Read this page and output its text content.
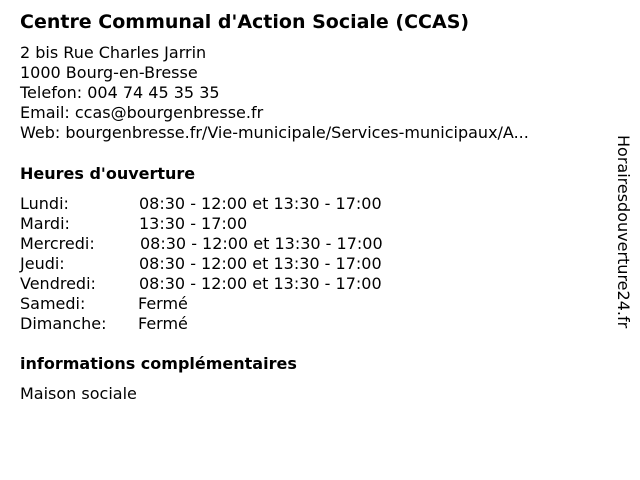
Centre Communal d'Action Sociale (CCAS)
2 bis Rue Charles Jarrin
1000 Bourg-en-Bresse
Telefon: 004 74 45 35 35
Email: ccas@bourgenbresse.fr
Web: bourgenbresse.fr/Vie-municipale/Services-municipaux/A...
Heures d'ouverture
Lundi:	08:30 - 12:00 et 13:30 - 17:00
Mardi:	13:30 - 17:00
Mercredi:	08:30 - 12:00 et 13:30 - 17:00
Jeudi:	08:30 - 12:00 et 13:30 - 17:00
Vendredi:	08:30 - 12:00 et 13:30 - 17:00
Samedi:	Fermé
Dimanche: Fermé
informations complémentaires
Maison sociale
Horairesdouverture24.fr
